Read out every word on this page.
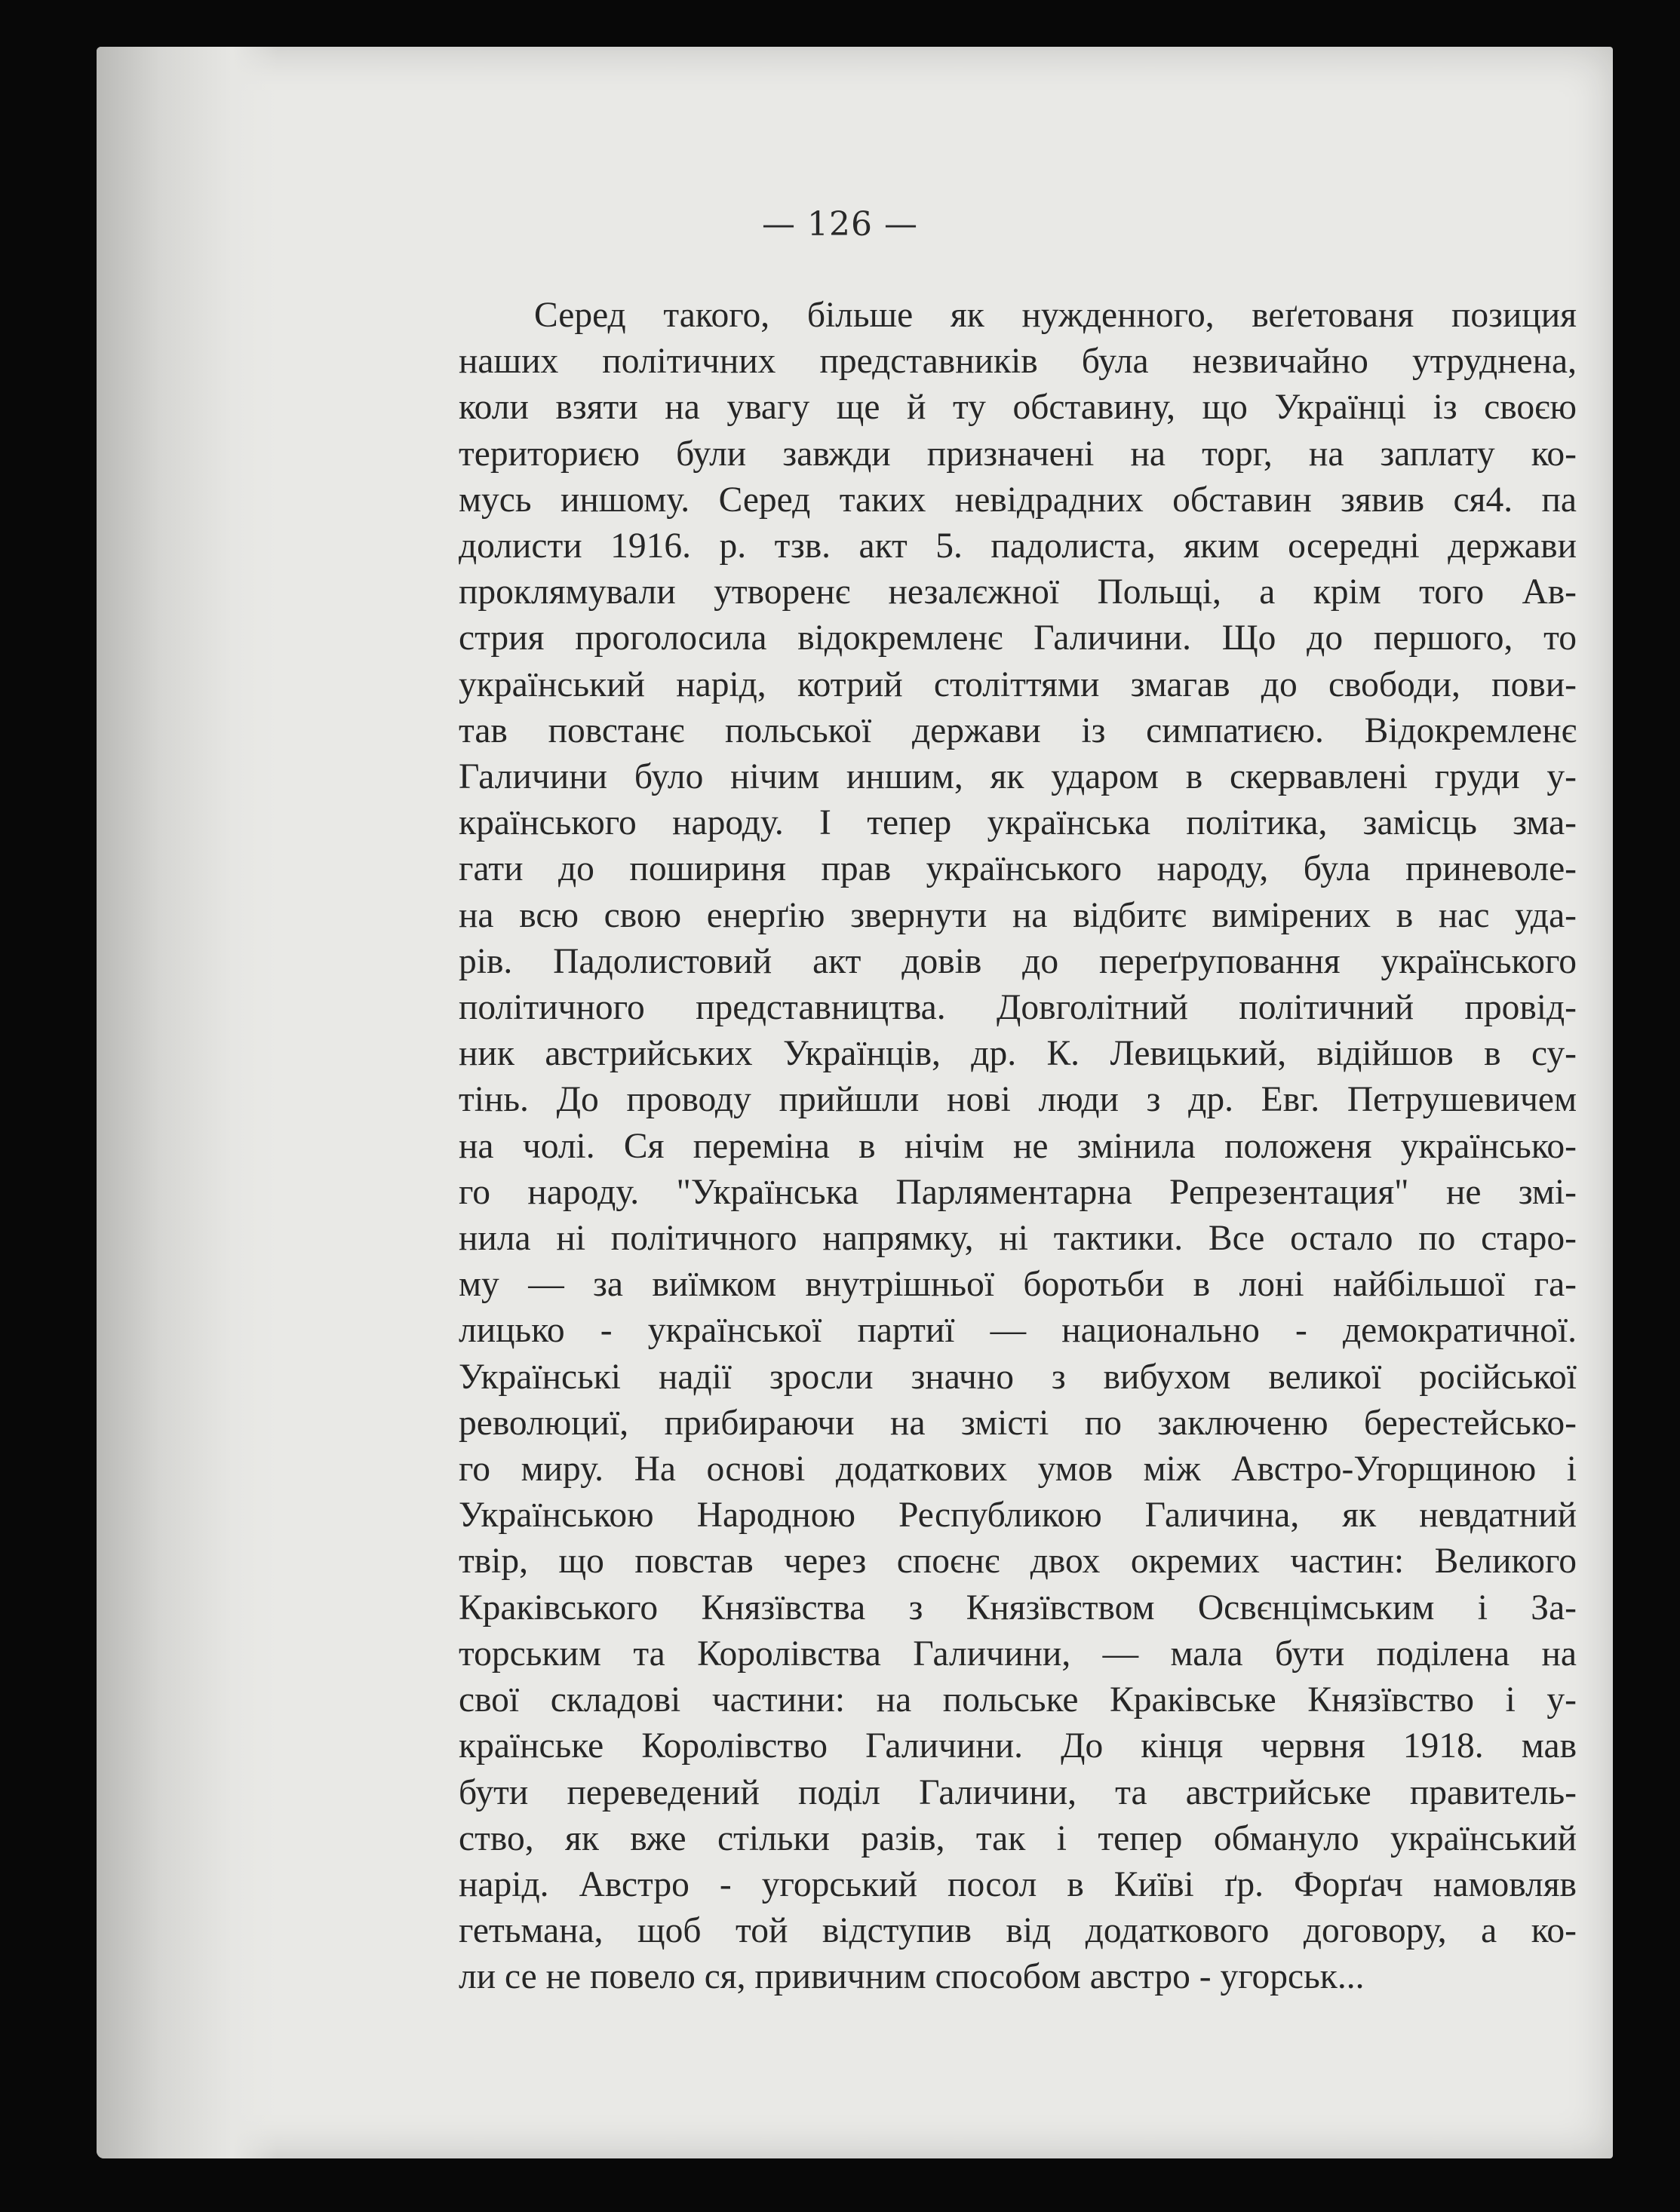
— 126 —
Серед такого, більше як нужденного, веґетованя позиция
наших політичних представників була незвичайно утруднена,
коли взяти на увагу ще й ту обставину, що Українці із своєю
териториєю були завжди призначені на торг, на заплату ко-
мусь иншому. Серед таких невідрадних обставин зявив ся4. па
долисти 1916. р. тзв. акт 5. падолиста, яким осередні держави
проклямували утворенє незалєжної Польщі, а крім того Ав-
стрия проголосила відокремленє Галичини. Що до першого, то
український нарід, котрий століттями змагав до свободи, пови-
тав повстанє польської держави із симпатиєю. Відокремленє
Галичини було нічим иншим, як ударом в скервавлені груди у-
країнського народу. І тепер українська політика, замісць зма-
гати до пошириня прав українського народу, була приневоле-
на всю свою енерґію звернути на відбитє вимірених в нас уда-
рів. Падолистовий акт довів до переґруповання українського
політичного представництва. Довголітний політичний провід-
ник австрийських Українців, др. К. Левицький, відійшов в су-
тінь. До проводу прийшли нові люди з др. Евг. Петрушевичем
на чолі. Ся переміна в нічім не змінила положеня українсько-
го народу. "Українська Парляментарна Репрезентация" не змі-
нила ні політичного напрямку, ні тактики. Все остало по старо-
му — за виїмком внутрішньої боротьби в лоні найбільшої га-
лицько - української партиї — национально - демократичної.
Українські надії зросли значно з вибухом великої російської
революциї, прибираючи на змісті по заключеню берестейсько-
го миру. На основі додаткових умов між Австро-Угорщиною і
Українською Народною Республикою Галичина, як невдатний
твір, що повстав через споєнє двох окремих частин: Великого
Краківського Князївства з Князївством Освєнцімським і За-
торським та Королівства Галичини, — мала бути поділена на
свої складові частини: на польське Краківське Князївство і у-
країнське Королівство Галичини. До кінця червня 1918. мав
бути переведений поділ Галичини, та австрийське правитель-
ство, як вже стільки разів, так і тепер обмануло український
нарід. Австро - угорський посол в Київі ґр. Форґач намовляв
гетьмана, щоб той відступив від додаткового договору, а ко-
ли се не повело ся, привичним способом австро - угорськ...
